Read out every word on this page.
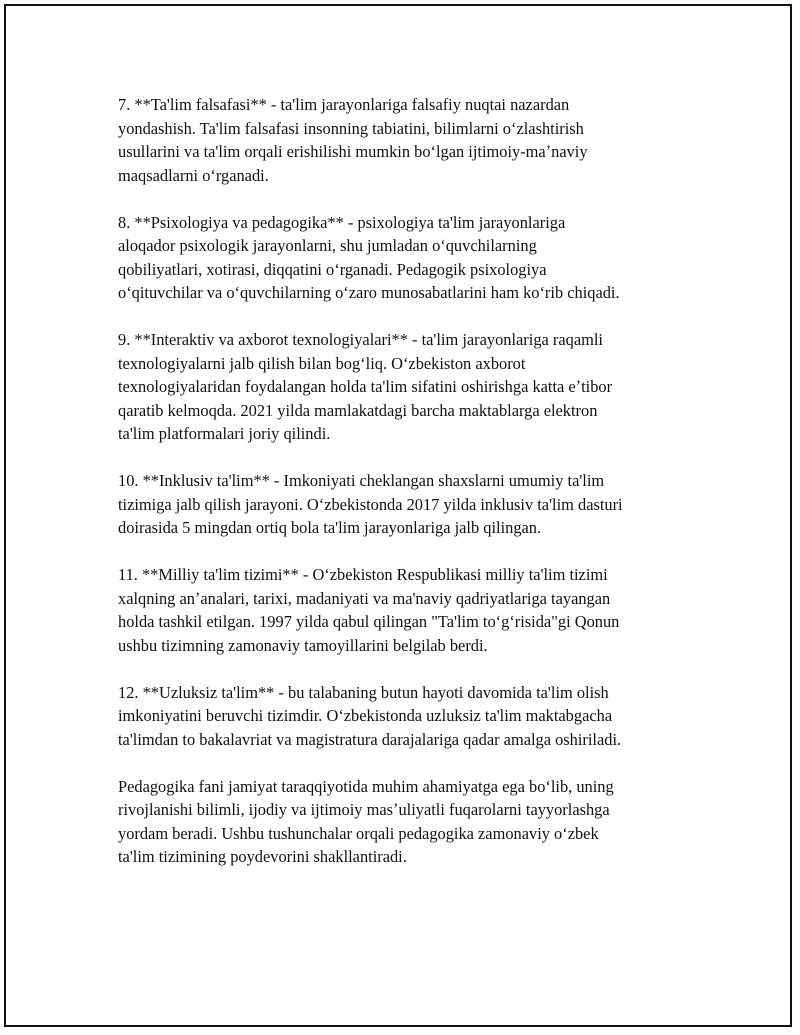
7. **Ta'lim falsafasi** - ta'lim jarayonlariga falsafiy nuqtai nazardan
yondashish. Ta'lim falsafasi insonning tabiatini, bilimlarni oʻzlashtirish
usullarini va ta'lim orqali erishilishi mumkin boʻlgan ijtimoiy-maʼnaviy
maqsadlarni oʻrganadi.

8. **Psixologiya va pedagogika** - psixologiya ta'lim jarayonlariga
aloqador psixologik jarayonlarni, shu jumladan oʻquvchilarning
qobiliyatlari, xotirasi, diqqatini oʻrganadi. Pedagogik psixologiya
oʻqituvchilar va oʻquvchilarning oʻzaro munosabatlarini ham koʻrib chiqadi.

9. **Interaktiv va axborot texnologiyalari** - ta'lim jarayonlariga raqamli
texnologiyalarni jalb qilish bilan bogʻliq. Oʻzbekiston axborot
texnologiyalaridan foydalangan holda ta'lim sifatini oshirishga katta eʼtibor
qaratib kelmoqda. 2021 yilda mamlakatdagi barcha maktablarga elektron
ta'lim platformalari joriy qilindi.

10. **Inklusiv ta'lim** - Imkoniyati cheklangan shaxslarni umumiy ta'lim
tizimiga jalb qilish jarayoni. Oʻzbekistonda 2017 yilda inklusiv ta'lim dasturi
doirasida 5 mingdan ortiq bola ta'lim jarayonlariga jalb qilingan.

11. **Milliy ta'lim tizimi** - Oʻzbekiston Respublikasi milliy ta'lim tizimi
xalqning anʼanalari, tarixi, madaniyati va ma'naviy qadriyatlariga tayangan
holda tashkil etilgan. 1997 yilda qabul qilingan "Ta'lim toʻgʻrisida"gi Qonun
ushbu tizimning zamonaviy tamoyillarini belgilab berdi.

12. **Uzluksiz ta'lim** - bu talabaning butun hayoti davomida ta'lim olish
imkoniyatini beruvchi tizimdir. Oʻzbekistonda uzluksiz ta'lim maktabgacha
ta'limdan to bakalavriat va magistratura darajalariga qadar amalga oshiriladi.

Pedagogika fani jamiyat taraqqiyotida muhim ahamiyatga ega boʻlib, uning
rivojlanishi bilimli, ijodiy va ijtimoiy masʼuliyatli fuqarolarni tayyorlashga
yordam beradi. Ushbu tushunchalar orqali pedagogika zamonaviy oʻzbek
ta'lim tizimining poydevorini shakllantiradi.
